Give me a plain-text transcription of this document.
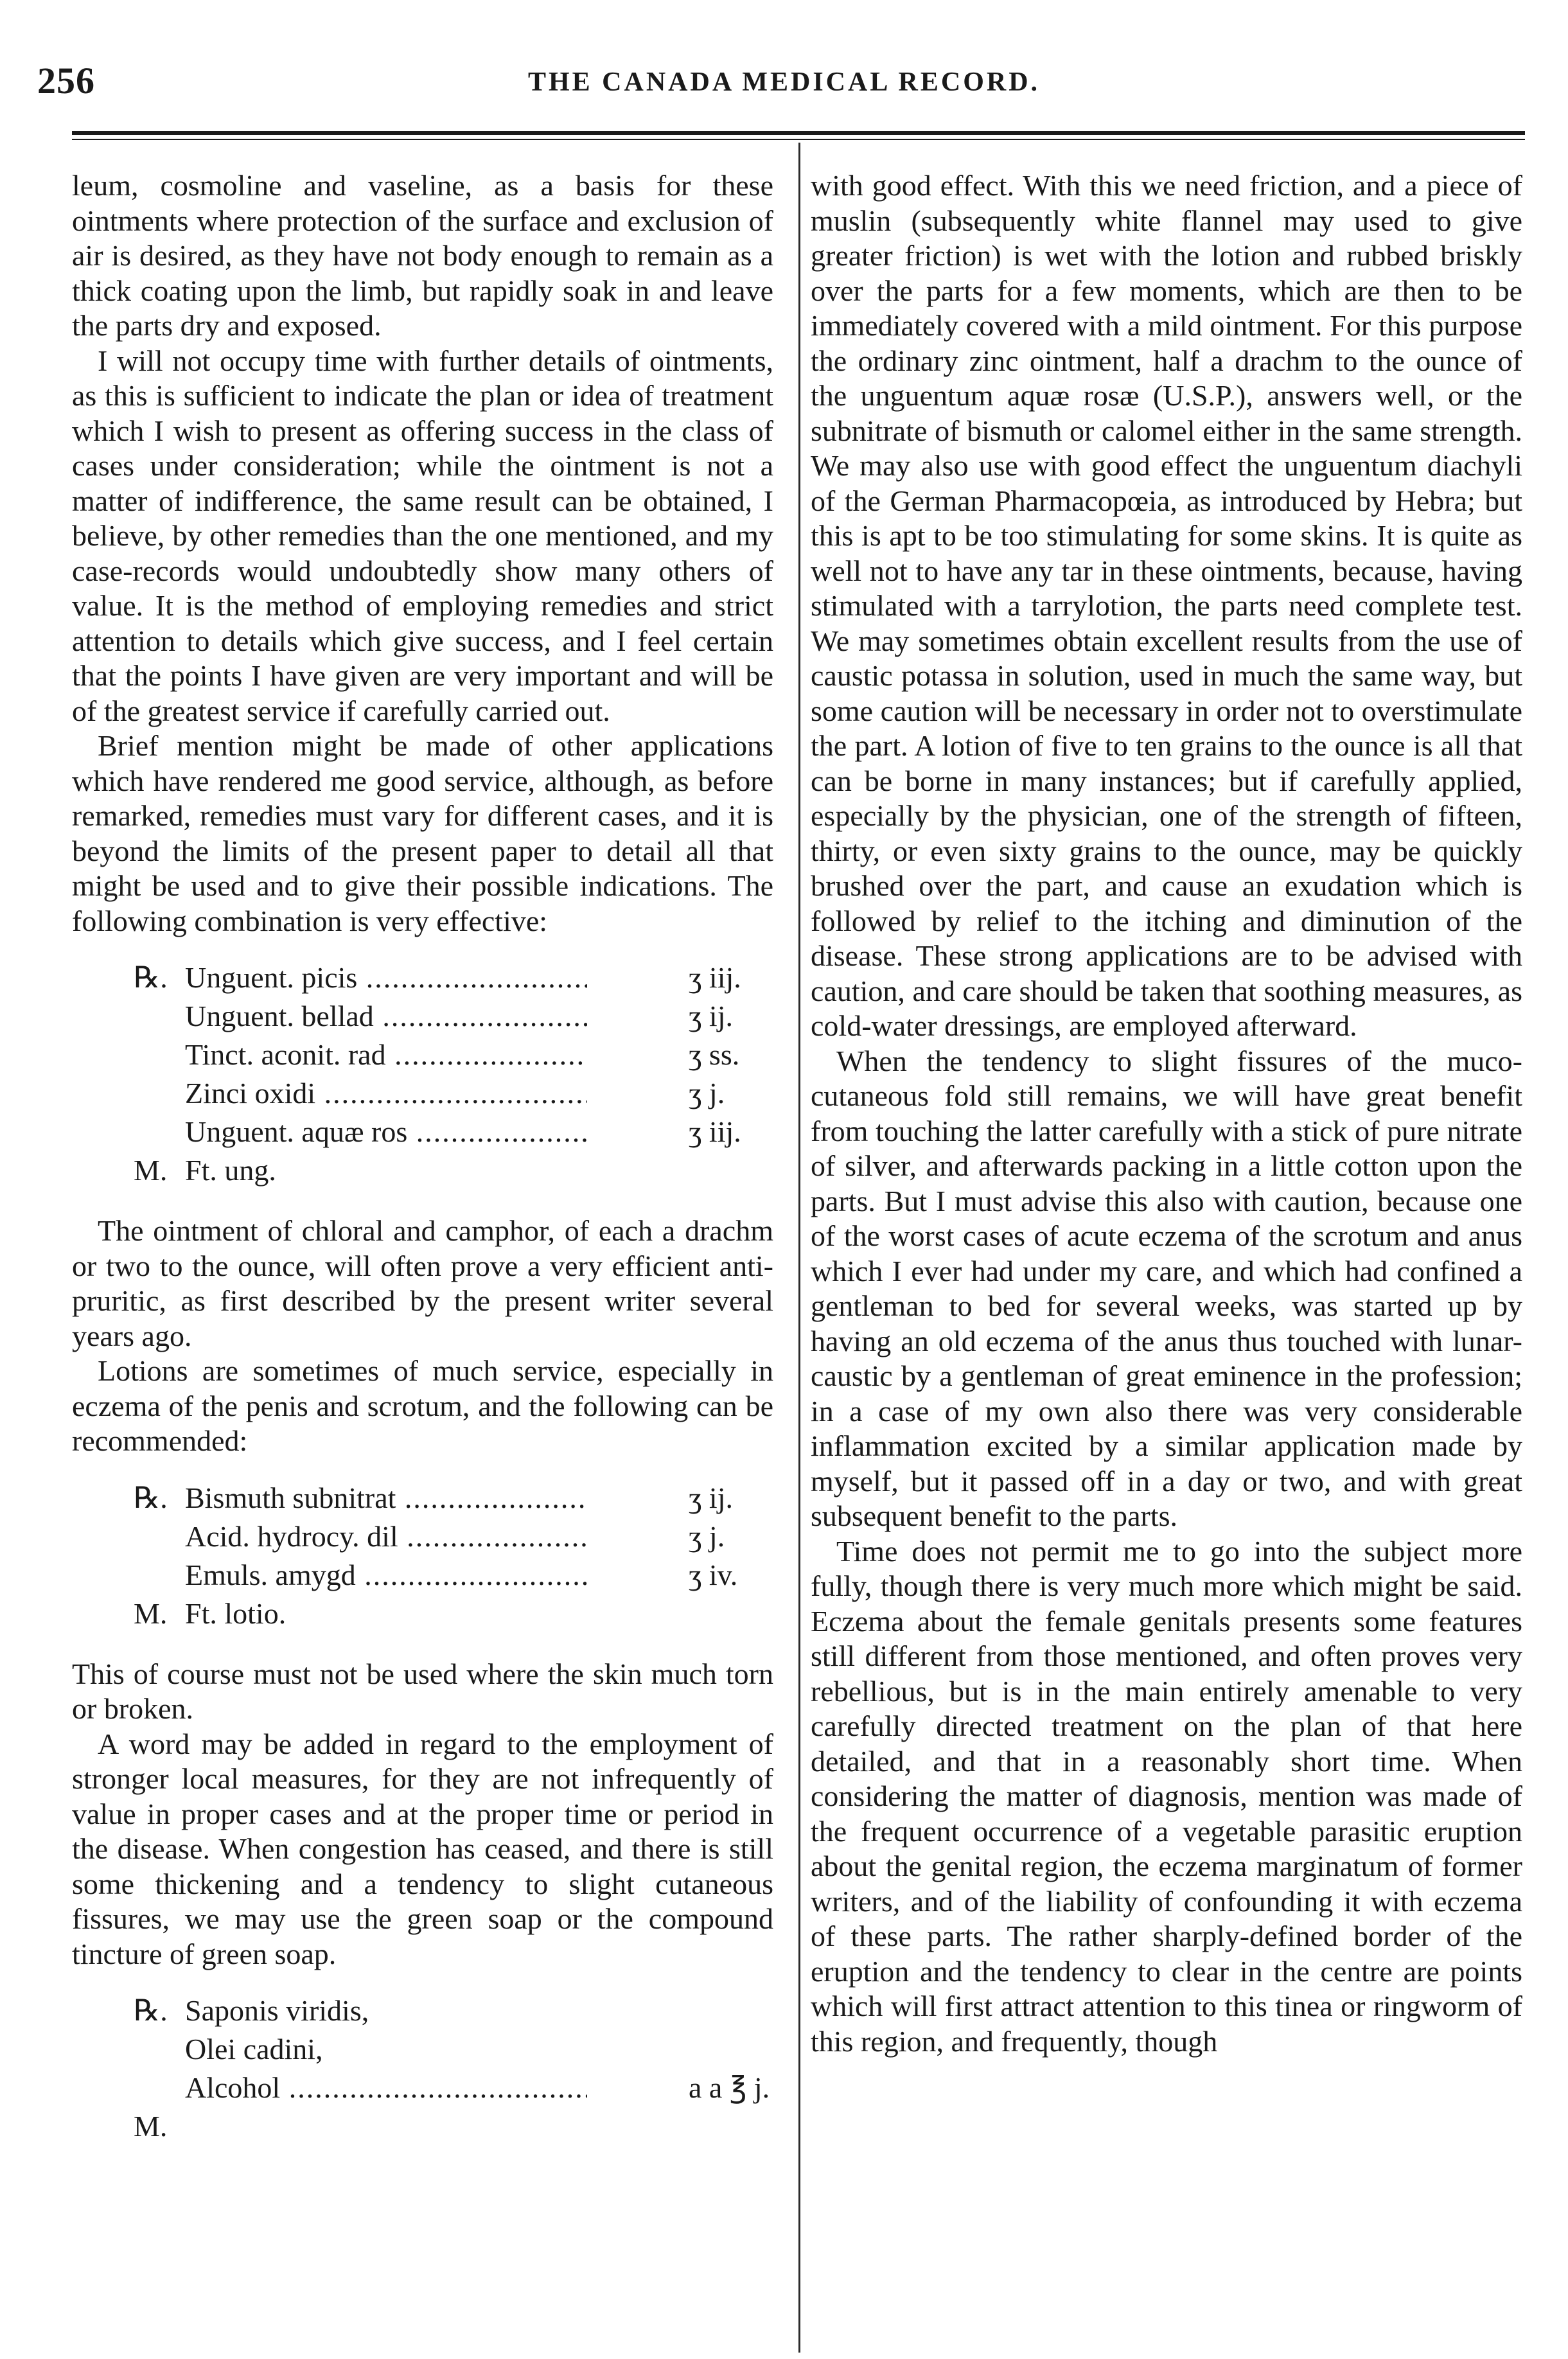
256	THE CANADA MEDICAL RECORD.

leum, cosmoline and vaseline, as a basis for these ointments where protection of the surface and exclusion of air is desired, as they have not body enough to remain as a thick coating upon the limb, but rapidly soak in and leave the parts dry and exposed.

I will not occupy time with further details of ointments, as this is sufficient to indicate the plan or idea of treatment which I wish to present as offering success in the class of cases under consideration; while the ointment is not a matter of indifference, the same result can be obtained, I believe, by other remedies than the one mentioned, and my case-records would undoubtedly show many others of value. It is the method of employing remedies and strict attention to details which give success, and I feel certain that the points I have given are very important and will be of the greatest service if carefully carried out.

Brief mention might be made of other applications which have rendered me good service, although, as before remarked, remedies must vary for different cases, and it is beyond the limits of the present paper to detail all that might be used and to give their possible indications. The following combination is very effective:

℞. Unguent. picis .....	ʒ iij.
Unguent. bellad .....	ʒ ij.
Tinct. aconit. rad .....	ʒ ss.
Zinci oxidi .....	ʒ j.
Unguent. aquæ ros .....	ʒ iij.
M. Ft. ung.

The ointment of chloral and camphor, of each a drachm or two to the ounce, will often prove a very efficient anti-pruritic, as first described by the present writer several years ago.

Lotions are sometimes of much service, especially in eczema of the penis and scrotum, and the following can be recommended:

℞. Bismuth subnitrat .....	ʒ ij.
Acid. hydrocy. dil .....	ʒ j.
Emuls. amygd .....	ʒ iv.
M. Ft. lotio.

This of course must not be used where the skin much torn or broken.

A word may be added in regard to the employment of stronger local measures, for they are not infrequently of value in proper cases and at the proper time or period in the disease. When congestion has ceased, and there is still some thickening and a tendency to slight cutaneous fissures, we may use the green soap or the compound tincture of green soap.

℞. Saponis viridis,
Olei cadini,
Alcohol .....	a a ℥ j.
M.

with good effect. With this we need friction, and a piece of muslin (subsequently white flannel may used to give greater friction) is wet with the lotion and rubbed briskly over the parts for a few moments, which are then to be immediately covered with a mild ointment. For this purpose the ordinary zinc ointment, half a drachm to the ounce of the unguentum aquæ rosæ (U.S.P.), answers well, or the subnitrate of bismuth or calomel either in the same strength. We may also use with good effect the unguentum diachyli of the German Pharmacopœia, as introduced by Hebra; but this is apt to be too stimulating for some skins. It is quite as well not to have any tar in these ointments, because, having stimulated with a tarrylotion, the parts need complete test. We may sometimes obtain excellent results from the use of caustic potassa in solution, used in much the same way, but some caution will be necessary in order not to overstimulate the part. A lotion of five to ten grains to the ounce is all that can be borne in many instances; but if carefully applied, especially by the physician, one of the strength of fifteen, thirty, or even sixty grains to the ounce, may be quickly brushed over the part, and cause an exudation which is followed by relief to the itching and diminution of the disease. These strong applications are to be advised with caution, and care should be taken that soothing measures, as cold-water dressings, are employed afterward.

When the tendency to slight fissures of the muco-cutaneous fold still remains, we will have great benefit from touching the latter carefully with a stick of pure nitrate of silver, and afterwards packing in a little cotton upon the parts. But I must advise this also with caution, because one of the worst cases of acute eczema of the scrotum and anus which I ever had under my care, and which had confined a gentleman to bed for several weeks, was started up by having an old eczema of the anus thus touched with lunar-caustic by a gentleman of great eminence in the profession; in a case of my own also there was very considerable inflammation excited by a similar application made by myself, but it passed off in a day or two, and with great subsequent benefit to the parts.

Time does not permit me to go into the subject more fully, though there is very much more which might be said. Eczema about the female genitals presents some features still different from those mentioned, and often proves very rebellious, but is in the main entirely amenable to very carefully directed treatment on the plan of that here detailed, and that in a reasonably short time. When considering the matter of diagnosis, mention was made of the frequent occurrence of a vegetable parasitic eruption about the genital region, the eczema marginatum of former writers, and of the liability of confounding it with eczema of these parts. The rather sharply-defined border of the eruption and the tendency to clear in the centre are points which will first attract attention to this tinea or ringworm of this region, and frequently, though
